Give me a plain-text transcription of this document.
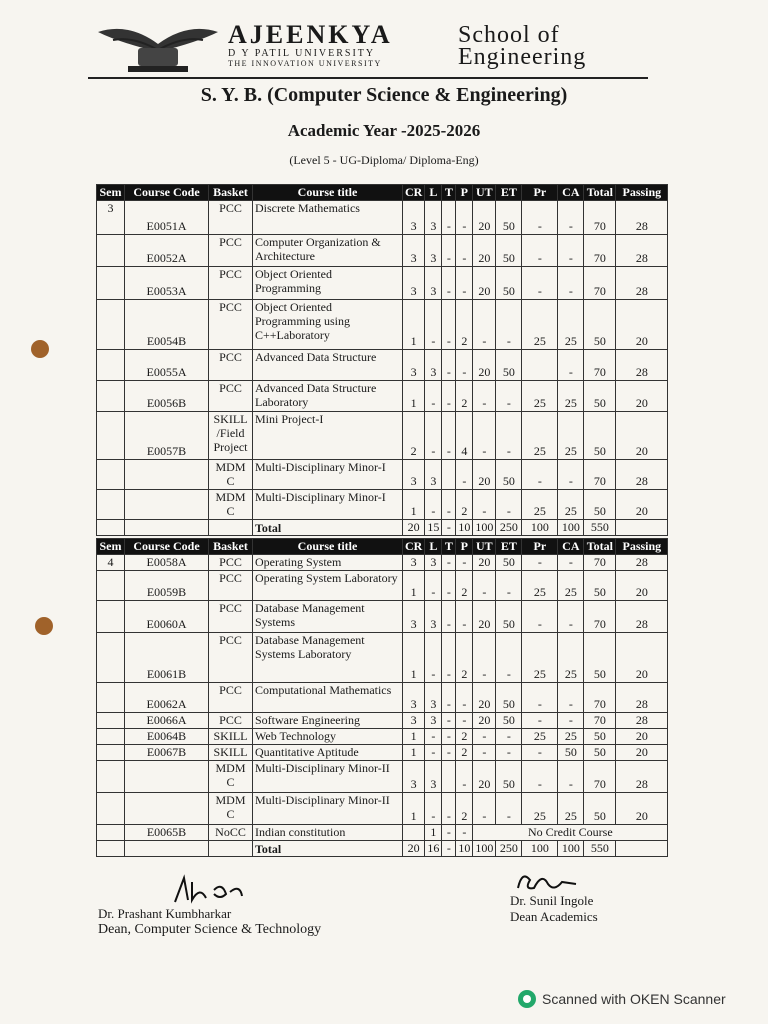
AJEENKYA
D Y PATIL UNIVERSITY
THE INNOVATION UNIVERSITY
School of
Engineering
S. Y. B. (Computer Science & Engineering)
Academic Year -2025-2026
(Level 5 - UG-Diploma/ Diploma-Eng)
Sem	Course Code	Basket	Course title	CR	L	T	P	UT	ET	Pr	CA	Total	Passing
3	E0051A	PCC	Discrete Mathematics	3	3	-	-	20	50	-	-	70	28
	E0052A	PCC	Computer Organization & Architecture	3	3	-	-	20	50	-	-	70	28
	E0053A	PCC	Object Oriented Programming	3	3	-	-	20	50	-	-	70	28
	E0054B	PCC	Object Oriented Programming using C++Laboratory	1	-	-	2	-	-	25	25	50	20
	E0055A	PCC	Advanced Data Structure	3	3	-	-	20	50		-	70	28
	E0056B	PCC	Advanced Data Structure Laboratory	1	-	-	2	-	-	25	25	50	20
	E0057B	SKILL /Field Project	Mini Project-I	2	-	-	4	-	-	25	25	50	20
		MDM C	Multi-Disciplinary Minor-I	3	3		-	20	50	-	-	70	28
		MDM C	Multi-Disciplinary Minor-I	1	-	-	2	-	-	25	25	50	20
			Total	20	15	-	10	100	250	100	100	550	
Sem	Course Code	Basket	Course title	CR	L	T	P	UT	ET	Pr	CA	Total	Passing
4	E0058A	PCC	Operating System	3	3	-	-	20	50	-	-	70	28
	E0059B	PCC	Operating System Laboratory	1	-	-	2	-	-	25	25	50	20
	E0060A	PCC	Database Management Systems	3	3	-	-	20	50	-	-	70	28
	E0061B	PCC	Database Management Systems Laboratory	1	-	-	2	-	-	25	25	50	20
	E0062A	PCC	Computational Mathematics	3	3	-	-	20	50	-	-	70	28
	E0066A	PCC	Software Engineering	3	3	-	-	20	50	-	-	70	28
	E0064B	SKILL	Web Technology	1	-	-	2	-	-	25	25	50	20
	E0067B	SKILL	Quantitative Aptitude	1	-	-	2	-	-	-	50	50	20
		MDM C	Multi-Disciplinary Minor-II	3	3		-	20	50	-	-	70	28
		MDM C	Multi-Disciplinary Minor-II	1	-	-	2	-	-	25	25	50	20
	E0065B	NoCC	Indian constitution		1	-	-	No Credit Course					
			Total	20	16	-	10	100	250	100	100	550	
Dr. Prashant Kumbharkar
Dean, Computer Science & Technology
Dr. Sunil Ingole
Dean Academics
Scanned with OKEN Scanner
